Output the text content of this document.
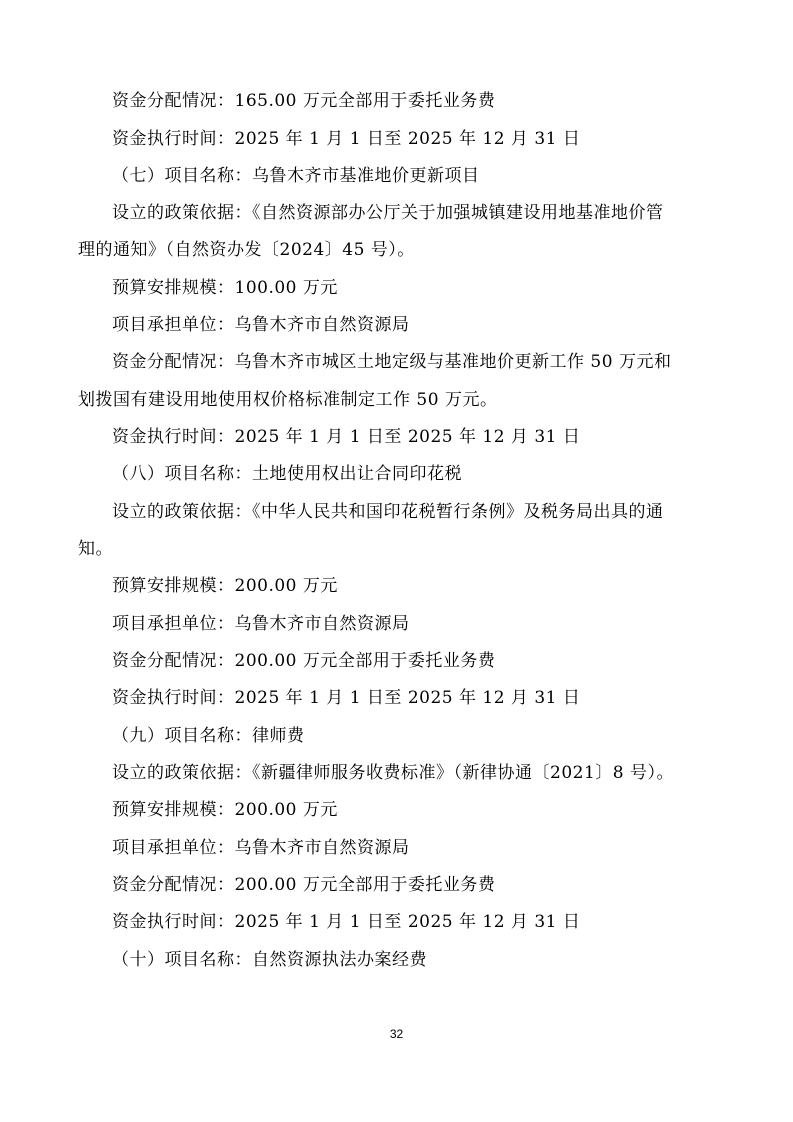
资金分配情况：165.00 万元全部用于委托业务费
资金执行时间：2025 年 1 月 1 日至 2025 年 12 月 31 日
（七）项目名称：乌鲁木齐市基准地价更新项目
设立的政策依据：《自然资源部办公厅关于加强城镇建设用地基准地价管
理的通知》（自然资办发〔2024〕45 号）。
预算安排规模：100.00 万元
项目承担单位：乌鲁木齐市自然资源局
资金分配情况：乌鲁木齐市城区土地定级与基准地价更新工作 50 万元和
划拨国有建设用地使用权价格标准制定工作 50 万元。
资金执行时间：2025 年 1 月 1 日至 2025 年 12 月 31 日
（八）项目名称：土地使用权出让合同印花税
设立的政策依据：《中华人民共和国印花税暂行条例》及税务局出具的通
知。
预算安排规模：200.00 万元
项目承担单位：乌鲁木齐市自然资源局
资金分配情况：200.00 万元全部用于委托业务费
资金执行时间：2025 年 1 月 1 日至 2025 年 12 月 31 日
（九）项目名称：律师费
设立的政策依据：《新疆律师服务收费标准》（新律协通〔2021〕8 号）。
预算安排规模：200.00 万元
项目承担单位：乌鲁木齐市自然资源局
资金分配情况：200.00 万元全部用于委托业务费
资金执行时间：2025 年 1 月 1 日至 2025 年 12 月 31 日
（十）项目名称：自然资源执法办案经费
32
